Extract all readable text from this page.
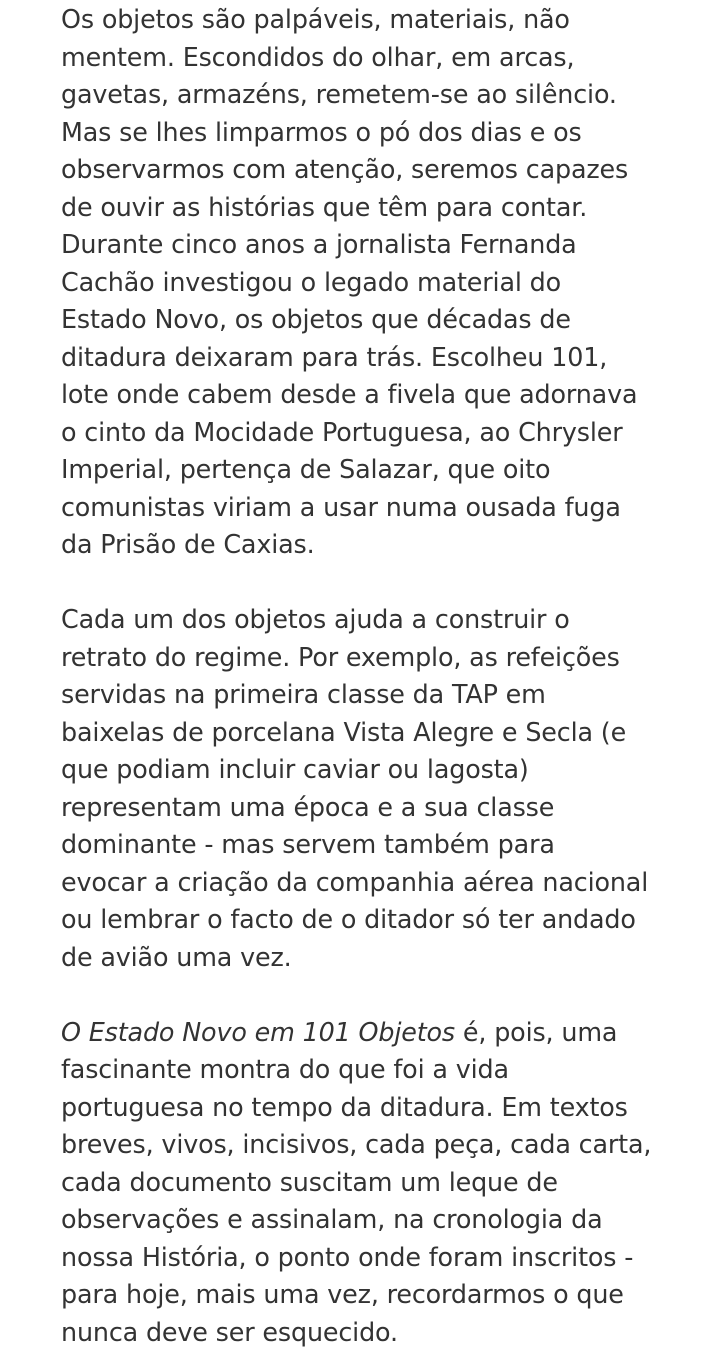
Os objetos são palpáveis, materiais, não
mentem. Escondidos do olhar, em arcas,
gavetas, armazéns, remetem-se ao silêncio.
Mas se lhes limparmos o pó dos dias e os
observarmos com atenção, seremos capazes
de ouvir as histórias que têm para contar.
Durante cinco anos a jornalista Fernanda
Cachão investigou o legado material do
Estado Novo, os objetos que décadas de
ditadura deixaram para trás. Escolheu 101,
lote onde cabem desde a fivela que adornava
o cinto da Mocidade Portuguesa, ao Chrysler
Imperial, pertença de Salazar, que oito
comunistas viriam a usar numa ousada fuga
da Prisão de Caxias.

Cada um dos objetos ajuda a construir o
retrato do regime. Por exemplo, as refeições
servidas na primeira classe da TAP em
baixelas de porcelana Vista Alegre e Secla (e
que podiam incluir caviar ou lagosta)
representam uma época e a sua classe
dominante - mas servem também para
evocar a criação da companhia aérea nacional
ou lembrar o facto de o ditador só ter andado
de avião uma vez.

O Estado Novo em 101 Objetos é, pois, uma
fascinante montra do que foi a vida
portuguesa no tempo da ditadura. Em textos
breves, vivos, incisivos, cada peça, cada carta,
cada documento suscitam um leque de
observações e assinalam, na cronologia da
nossa História, o ponto onde foram inscritos -
para hoje, mais uma vez, recordarmos o que
nunca deve ser esquecido.
